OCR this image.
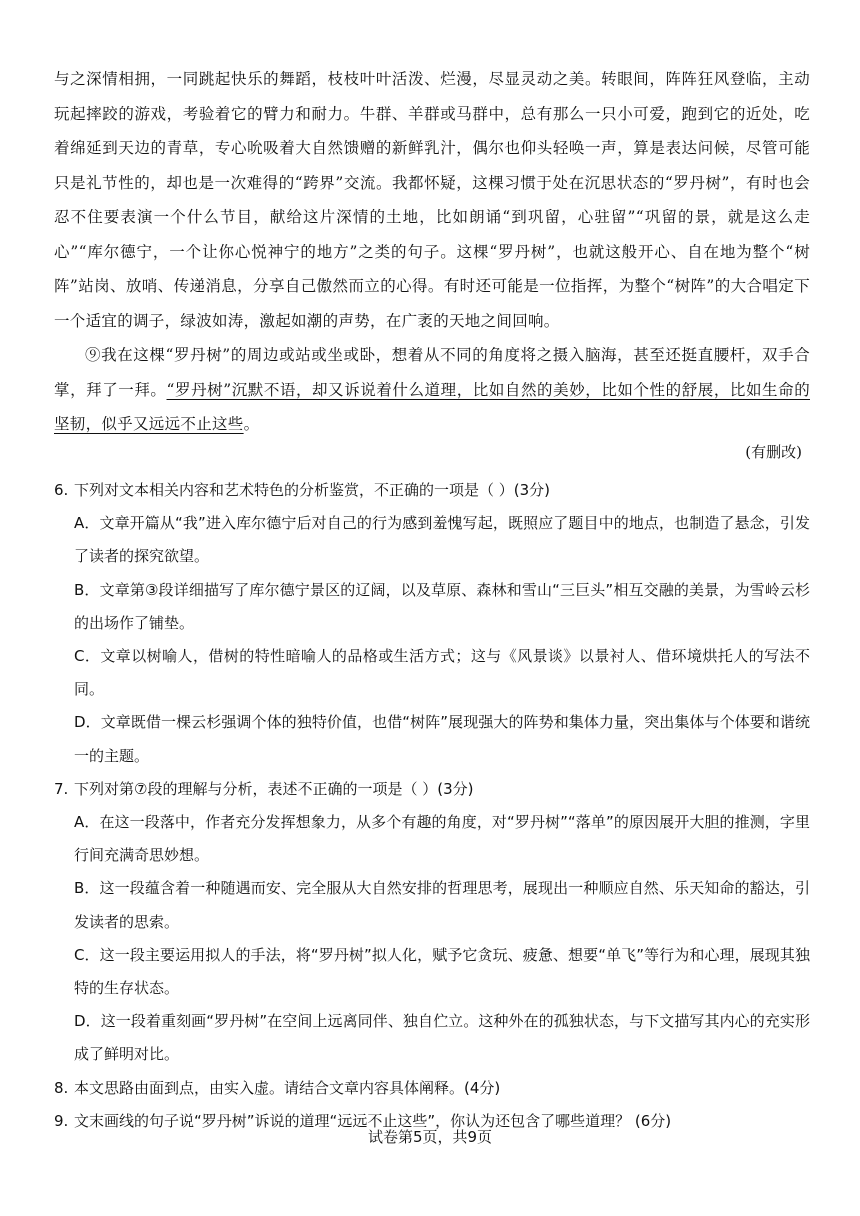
与之深情相拥，一同跳起快乐的舞蹈，枝枝叶叶活泼、烂漫，尽显灵动之美。转眼间，阵阵狂风登临，主动玩起摔跤的游戏，考验着它的臂力和耐力。牛群、羊群或马群中，总有那么一只小可爱，跑到它的近处，吃着绵延到天边的青草，专心吮吸着大自然馈赠的新鲜乳汁，偶尔也仰头轻唤一声，算是表达问候，尽管可能只是礼节性的，却也是一次难得的“跨界”交流。我都怀疑，这棵习惯于处在沉思状态的“罗丹树”，有时也会忍不住要表演一个什么节目，献给这片深情的土地，比如朗诵“到巩留，心驻留”“巩留的景，就是这么走心”“库尔德宁，一个让你心悦神宁的地方”之类的句子。这棵“罗丹树”，也就这般开心、自在地为整个“树阵”站岗、放哨、传递消息，分享自己傲然而立的心得。有时还可能是一位指挥，为整个“树阵”的大合唱定下一个适宜的调子，绿波如涛，激起如潮的声势，在广袤的天地之间回响。

⑨我在这棵“罗丹树”的周边或站或坐或卧，想着从不同的角度将之摄入脑海，甚至还挺直腰杆，双手合掌，拜了一拜。“罗丹树”沉默不语，却又诉说着什么道理，比如自然的美妙，比如个性的舒展，比如生命的坚韧，似乎又远远不止这些。

(有删改)

6. 下列对文本相关内容和艺术特色的分析鉴赏，不正确的一项是（ ）(3分)

A．文章开篇从“我”进入库尔德宁后对自己的行为感到羞愧写起，既照应了题目中的地点，也制造了悬念，引发了读者的探究欲望。

B．文章第③段详细描写了库尔德宁景区的辽阔，以及草原、森林和雪山“三巨头”相互交融的美景，为雪岭云杉的出场作了铺垫。

C．文章以树喻人，借树的特性暗喻人的品格或生活方式；这与《风景谈》以景衬人、借环境烘托人的写法不同。

D．文章既借一棵云杉强调个体的独特价值，也借“树阵”展现强大的阵势和集体力量，突出集体与个体要和谐统一的主题。

7. 下列对第⑦段的理解与分析，表述不正确的一项是（ ）(3分)

A．在这一段落中，作者充分发挥想象力，从多个有趣的角度，对“罗丹树”“落单”的原因展开大胆的推测，字里行间充满奇思妙想。

B．这一段蕴含着一种随遇而安、完全服从大自然安排的哲理思考，展现出一种顺应自然、乐天知命的豁达，引发读者的思索。

C．这一段主要运用拟人的手法，将“罗丹树”拟人化，赋予它贪玩、疲惫、想要“单飞”等行为和心理，展现其独特的生存状态。

D．这一段着重刻画“罗丹树”在空间上远离同伴、独自伫立。这种外在的孤独状态，与下文描写其内心的充实形成了鲜明对比。

8. 本文思路由面到点，由实入虚。请结合文章内容具体阐释。(4分)

9. 文末画线的句子说“罗丹树”诉说的道理“远远不止这些”，你认为还包含了哪些道理？ (6分)

试卷第5页，共9页
